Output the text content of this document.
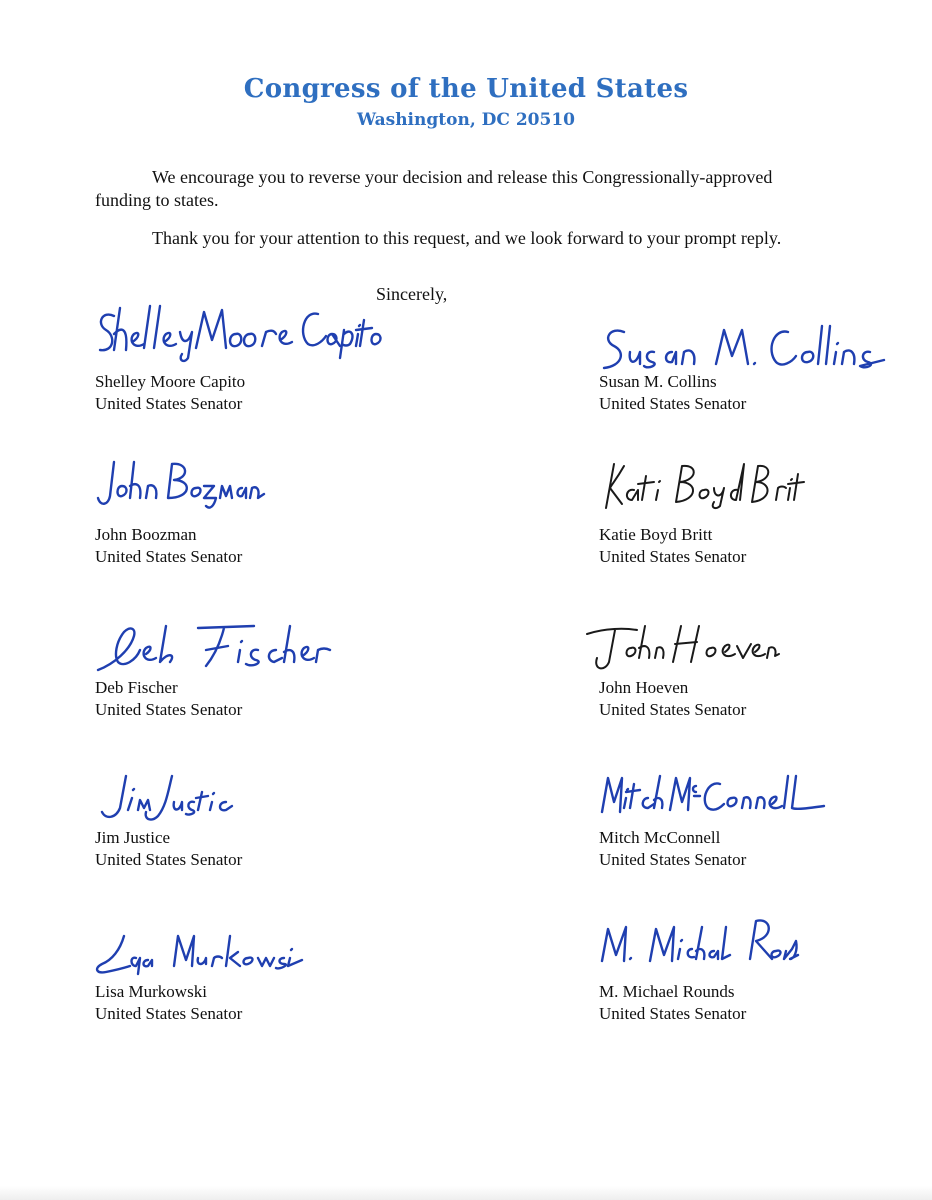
Congress of the United States
Washington, DC 20510
We encourage you to reverse your decision and release this Congressionally-approved funding to states.
Thank you for your attention to this request, and we look forward to your prompt reply.
Sincerely,
Shelley Moore Capito
United States Senator
Susan M. Collins
United States Senator
John Boozman
United States Senator
Katie Boyd Britt
United States Senator
Deb Fischer
United States Senator
John Hoeven
United States Senator
Jim Justice
United States Senator
Mitch McConnell
United States Senator
Lisa Murkowski
United States Senator
M. Michael Rounds
United States Senator
